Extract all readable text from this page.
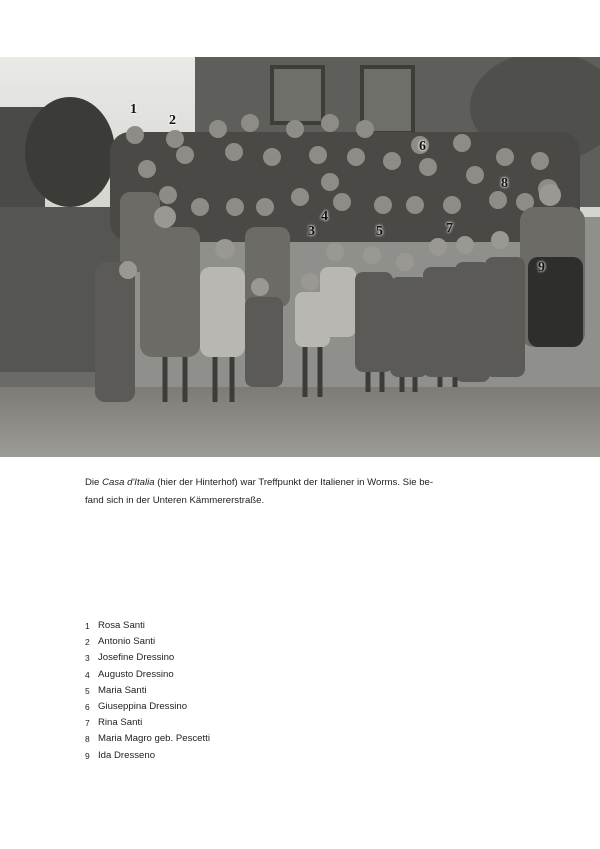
1
2
3
4
5
6
7
8
9
Die Casa d'Italia (hier der Hinterhof) war Treffpunkt der Italiener in Worms. Sie be-
fand sich in der Unteren Kämmererstraße.
1 Rosa Santi
2 Antonio Santi
3 Josefine Dressino
4 Augusto Dressino
5 Maria Santi
6 Giuseppina Dressino
7 Rina Santi
8 Maria Magro geb. Pescetti
9 Ida Dresseno
